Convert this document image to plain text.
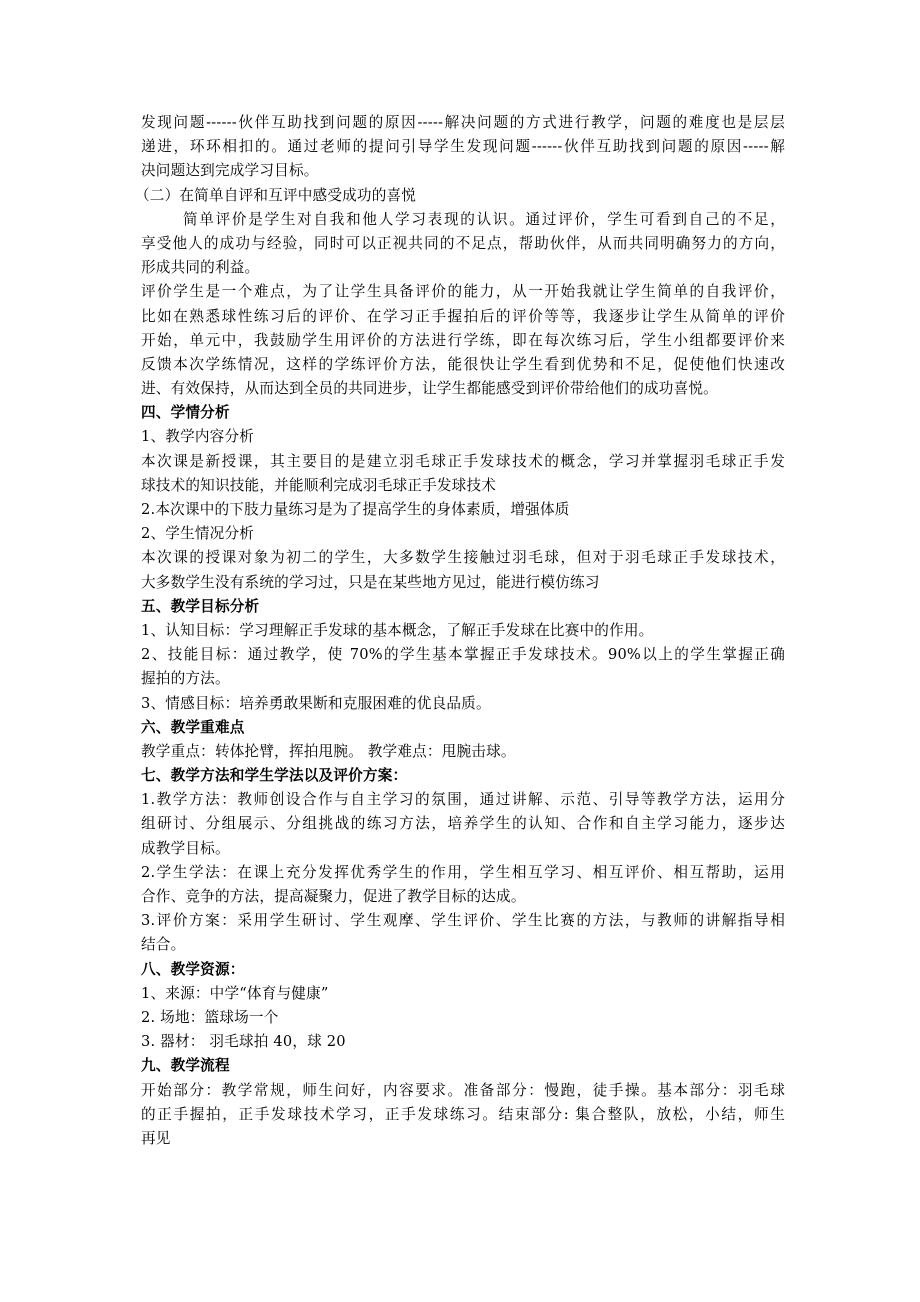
发现问题------伙伴互助找到问题的原因-----解决问题的方式进行教学，问题的难度也是层层
递进，环环相扣的。通过老师的提问引导学生发现问题------伙伴互助找到问题的原因-----解
决问题达到完成学习目标。
（二）在简单自评和互评中感受成功的喜悦
简单评价是学生对自我和他人学习表现的认识。通过评价，学生可看到自己的不足，
享受他人的成功与经验，同时可以正视共同的不足点，帮助伙伴，从而共同明确努力的方向，
形成共同的利益。
评价学生是一个难点，为了让学生具备评价的能力，从一开始我就让学生简单的自我评价，
比如在熟悉球性练习后的评价、在学习正手握拍后的评价等等，我逐步让学生从简单的评价
开始，单元中，我鼓励学生用评价的方法进行学练，即在每次练习后，学生小组都要评价来
反馈本次学练情况，这样的学练评价方法，能很快让学生看到优势和不足，促使他们快速改
进、有效保持，从而达到全员的共同进步，让学生都能感受到评价带给他们的成功喜悦。
四、学情分析
1、教学内容分析
本次课是新授课，其主要目的是建立羽毛球正手发球技术的概念，学习并掌握羽毛球正手发
球技术的知识技能，并能顺利完成羽毛球正手发球技术
2.本次课中的下肢力量练习是为了提高学生的身体素质，增强体质
2、学生情况分析
本次课的授课对象为初二的学生，大多数学生接触过羽毛球，但对于羽毛球正手发球技术，
大多数学生没有系统的学习过，只是在某些地方见过，能进行模仿练习
五、教学目标分析
1、认知目标：学习理解正手发球的基本概念，了解正手发球在比赛中的作用。
2、技能目标：通过教学，使 70%的学生基本掌握正手发球技术。90%以上的学生掌握正确
握拍的方法。
3、情感目标：培养勇敢果断和克服困难的优良品质。
六、教学重难点
教学重点：转体抡臂，挥拍甩腕。 教学难点：甩腕击球。
七、教学方法和学生学法以及评价方案：
1.教学方法：教师创设合作与自主学习的氛围，通过讲解、示范、引导等教学方法，运用分
组研讨、分组展示、分组挑战的练习方法，培养学生的认知、合作和自主学习能力，逐步达
成教学目标。
2.学生学法：在课上充分发挥优秀学生的作用，学生相互学习、相互评价、相互帮助，运用
合作、竞争的方法，提高凝聚力，促进了教学目标的达成。
3.评价方案：采用学生研讨、学生观摩、学生评价、学生比赛的方法，与教师的讲解指导相
结合。
八、教学资源：
1、来源：中学“体育与健康”
2. 场地：篮球场一个
3. 器材： 羽毛球拍 40，球 20
九、教学流程
开始部分：教学常规，师生问好，内容要求。准备部分：慢跑，徒手操。基本部分：羽毛球
的正手握拍，正手发球技术学习，正手发球练习。结束部分: 集合整队，放松，小结，师生
再见
